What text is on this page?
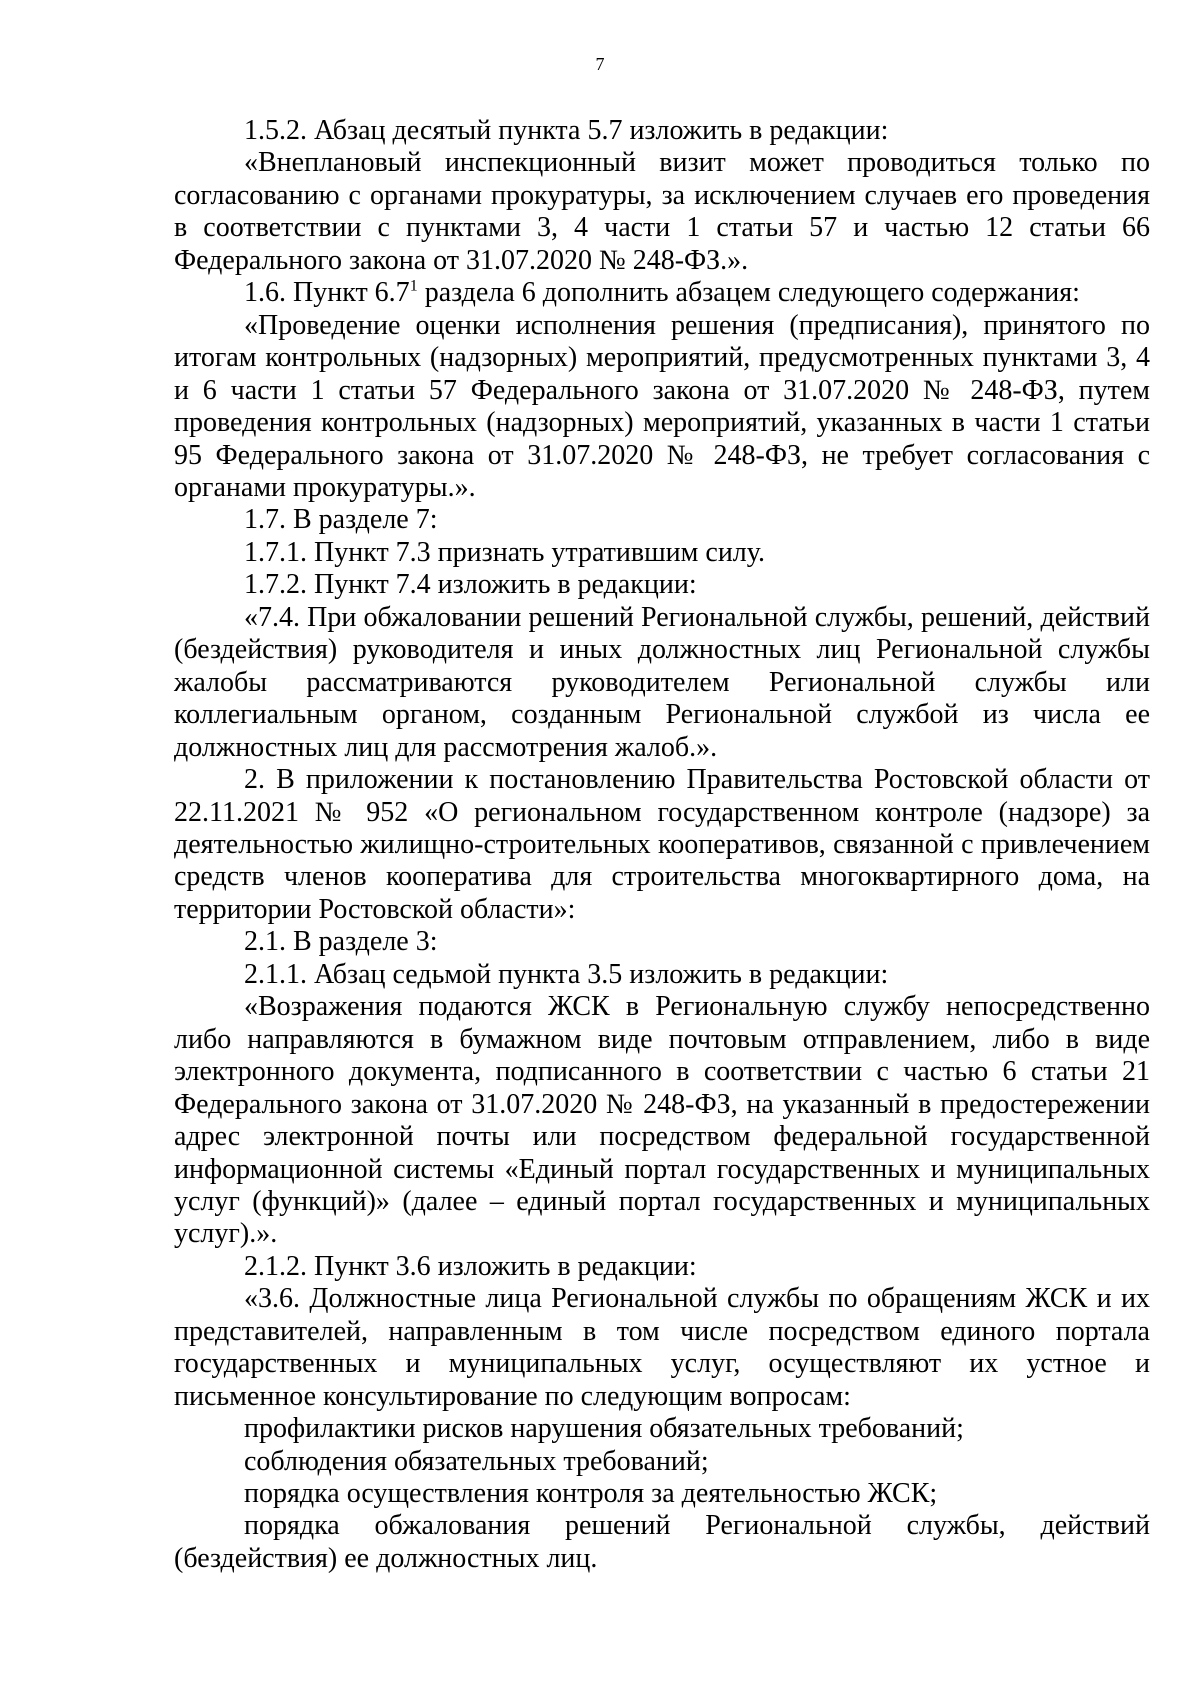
7

1.5.2. Абзац десятый пункта 5.7 изложить в редакции:

«Внеплановый инспекционный визит может проводиться только по согласованию с органами прокуратуры, за исключением случаев его проведения в соответствии с пунктами 3, 4 части 1 статьи 57 и частью 12 статьи 66 Федерального закона от 31.07.2020 № 248-ФЗ.».

1.6. Пункт $6.7^1$ раздела 6 дополнить абзацем следующего содержания:

«Проведение оценки исполнения решения (предписания), принятого по итогам контрольных (надзорных) мероприятий, предусмотренных пунктами 3, 4 и 6 части 1 статьи 57 Федерального закона от 31.07.2020 № 248-ФЗ, путем проведения контрольных (надзорных) мероприятий, указанных в части 1 статьи 95 Федерального закона от 31.07.2020 № 248-ФЗ, не требует согласования с органами прокуратуры.».

1.7. В разделе 7:

1.7.1. Пункт 7.3 признать утратившим силу.

1.7.2. Пункт 7.4 изложить в редакции:

«7.4. При обжаловании решений Региональной службы, решений, действий (бездействия) руководителя и иных должностных лиц Региональной службы жалобы рассматриваются руководителем Региональной службы или коллегиальным органом, созданным Региональной службой из числа ее должностных лиц для рассмотрения жалоб.».

2. В приложении к постановлению Правительства Ростовской области от 22.11.2021 № 952 «О региональном государственном контроле (надзоре) за деятельностью жилищно-строительных кооперативов, связанной с привлечением средств членов кооператива для строительства многоквартирного дома, на территории Ростовской области»:

2.1. В разделе 3:

2.1.1. Абзац седьмой пункта 3.5 изложить в редакции:

«Возражения подаются ЖСК в Региональную службу непосредственно либо направляются в бумажном виде почтовым отправлением, либо в виде электронного документа, подписанного в соответствии с частью 6 статьи 21 Федерального закона от 31.07.2020 № 248-ФЗ, на указанный в предостережении адрес электронной почты или посредством федеральной государственной информационной системы «Единый портал государственных и муниципальных услуг (функций)» (далее – единый портал государственных и муниципальных услуг).».

2.1.2. Пункт 3.6 изложить в редакции:

«3.6. Должностные лица Региональной службы по обращениям ЖСК и их представителей, направленным в том числе посредством единого портала государственных и муниципальных услуг, осуществляют их устное и письменное консультирование по следующим вопросам:

профилактики рисков нарушения обязательных требований;

соблюдения обязательных требований;

порядка осуществления контроля за деятельностью ЖСК;

порядка обжалования решений Региональной службы, действий (бездействия) ее должностных лиц.
